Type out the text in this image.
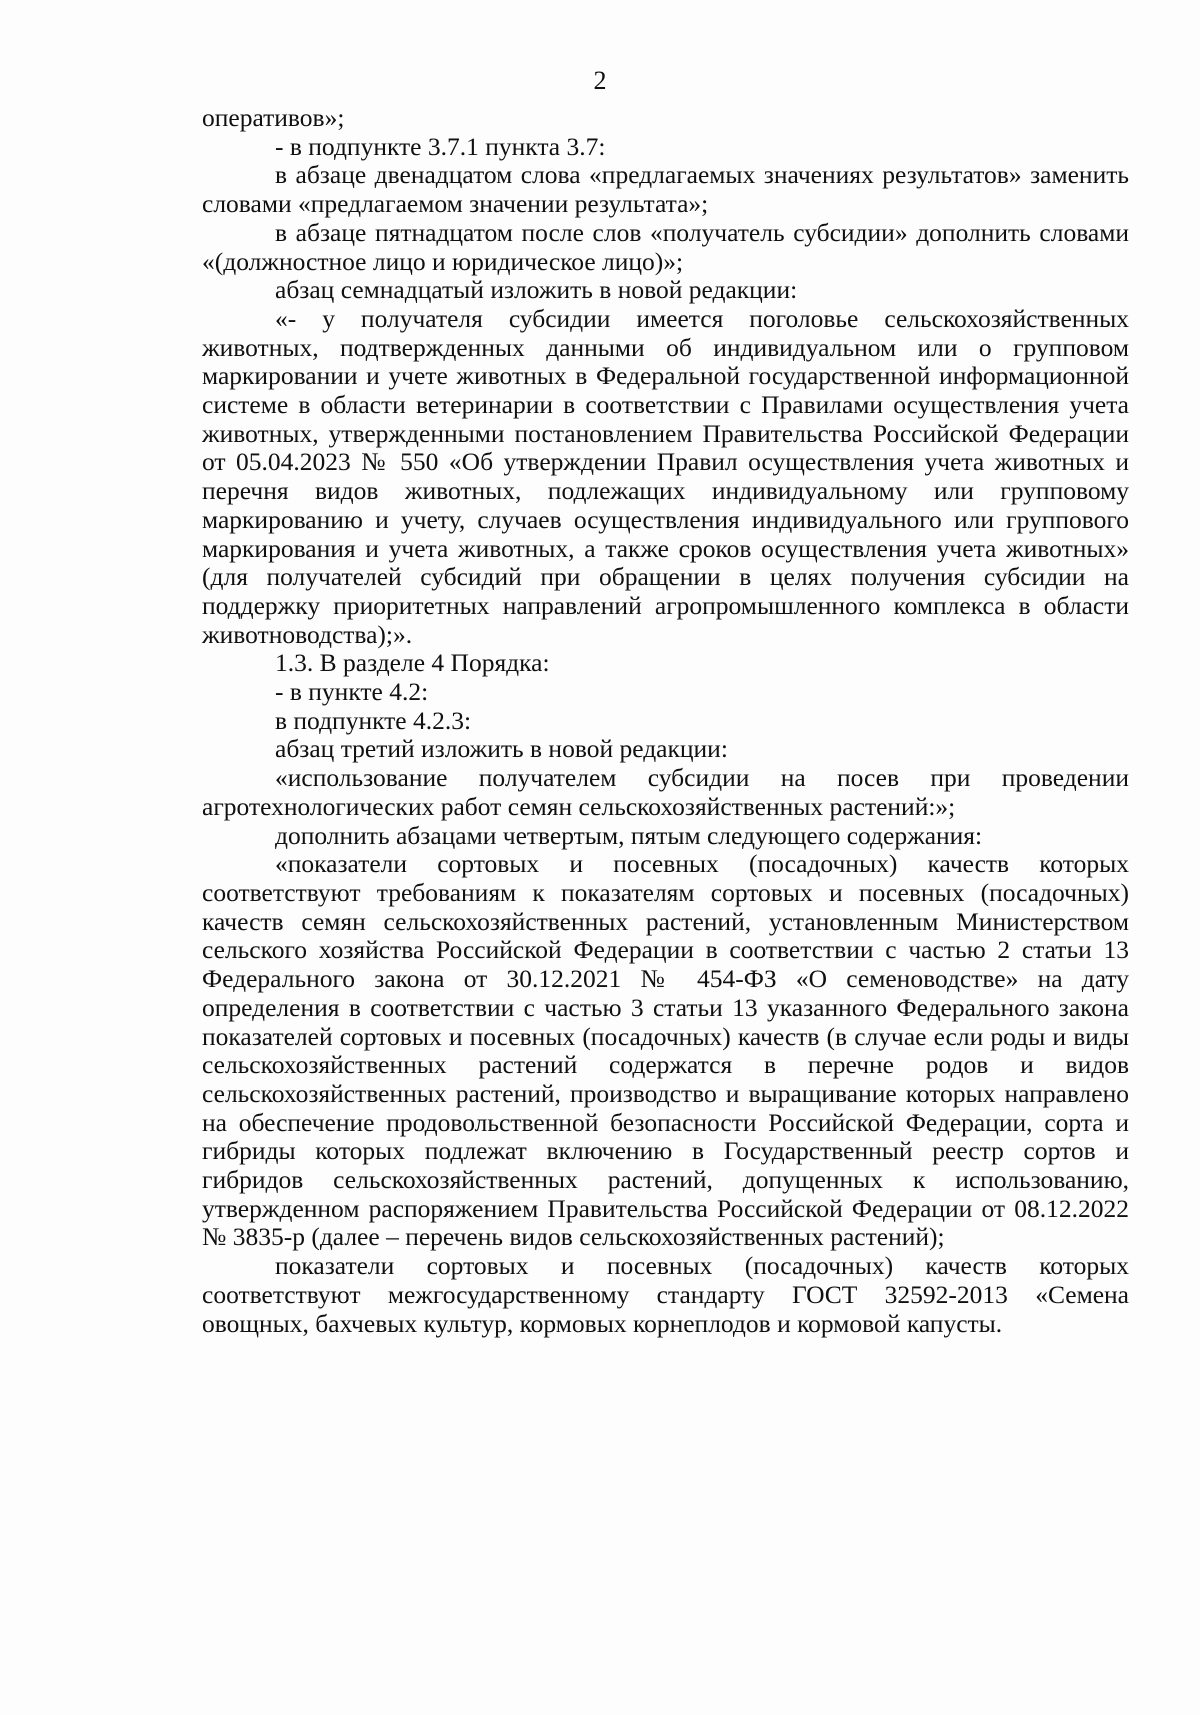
2

оперативов»;

- в подпункте 3.7.1 пункта 3.7:

в абзаце двенадцатом слова «предлагаемых значениях результатов» заменить словами «предлагаемом значении результата»;

в абзаце пятнадцатом после слов «получатель субсидии» дополнить словами «(должностное лицо и юридическое лицо)»;

абзац семнадцатый изложить в новой редакции:

«- у получателя субсидии имеется поголовье сельскохозяйственных животных, подтвержденных данными об индивидуальном или о групповом маркировании и учете животных в Федеральной государственной информационной системе в области ветеринарии в соответствии с Правилами осуществления учета животных, утвержденными постановлением Правительства Российской Федерации от 05.04.2023 № 550 «Об утверждении Правил осуществления учета животных и перечня видов животных, подлежащих индивидуальному или групповому маркированию и учету, случаев осуществления индивидуального или группового маркирования и учета животных, а также сроков осуществления учета животных» (для получателей субсидий при обращении в целях получения субсидии на поддержку приоритетных направлений агропромышленного комплекса в области животноводства);».

1.3. В разделе 4 Порядка:

- в пункте 4.2:

в подпункте 4.2.3:

абзац третий изложить в новой редакции:

«использование получателем субсидии на посев при проведении агротехнологических работ семян сельскохозяйственных растений:»;

дополнить абзацами четвертым, пятым следующего содержания:

«показатели сортовых и посевных (посадочных) качеств которых соответствуют требованиям к показателям сортовых и посевных (посадочных) качеств семян сельскохозяйственных растений, установленным Министерством сельского хозяйства Российской Федерации в соответствии с частью 2 статьи 13 Федерального закона от 30.12.2021 № 454-ФЗ «О семеноводстве» на дату определения в соответствии с частью 3 статьи 13 указанного Федерального закона показателей сортовых и посевных (посадочных) качеств (в случае если роды и виды сельскохозяйственных растений содержатся в перечне родов и видов сельскохозяйственных растений, производство и выращивание которых направлено на обеспечение продовольственной безопасности Российской Федерации, сорта и гибриды которых подлежат включению в Государственный реестр сортов и гибридов сельскохозяйственных растений, допущенных к использованию, утвержденном распоряжением Правительства Российской Федерации от 08.12.2022 № 3835-р (далее – перечень видов сельскохозяйственных растений);

показатели сортовых и посевных (посадочных) качеств которых соответствуют межгосударственному стандарту ГОСТ 32592-2013 «Семена овощных, бахчевых культур, кормовых корнеплодов и кормовой капусты.
